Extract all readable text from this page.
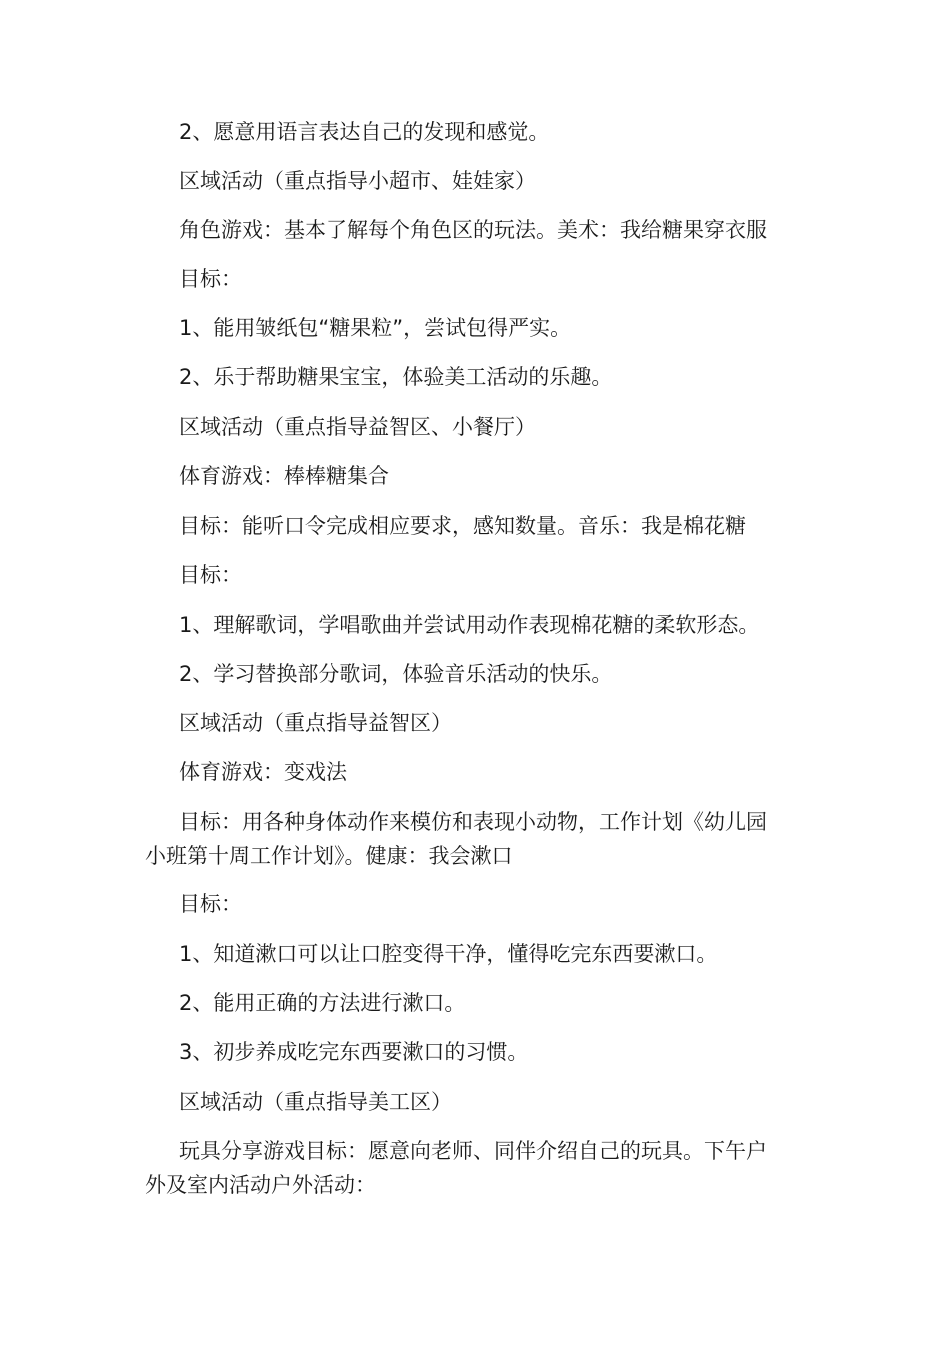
2、愿意用语言表达自己的发现和感觉。
区域活动（重点指导小超市、娃娃家）
角色游戏：基本了解每个角色区的玩法。美术：我给糖果穿衣服
目标：
1、能用皱纸包“糖果粒”，尝试包得严实。
2、乐于帮助糖果宝宝，体验美工活动的乐趣。
区域活动（重点指导益智区、小餐厅）
体育游戏：棒棒糖集合
目标：能听口令完成相应要求，感知数量。音乐：我是棉花糖
目标：
1、理解歌词，学唱歌曲并尝试用动作表现棉花糖的柔软形态。
2、学习替换部分歌词，体验音乐活动的快乐。
区域活动（重点指导益智区）
体育游戏：变戏法
目标：用各种身体动作来模仿和表现小动物，工作计划《幼儿园
小班第十周工作计划》。健康：我会漱口
目标：
1、知道漱口可以让口腔变得干净，懂得吃完东西要漱口。
2、能用正确的方法进行漱口。
3、初步养成吃完东西要漱口的习惯。
区域活动（重点指导美工区）
玩具分享游戏目标：愿意向老师、同伴介绍自己的玩具。下午户
外及室内活动户外活动：
